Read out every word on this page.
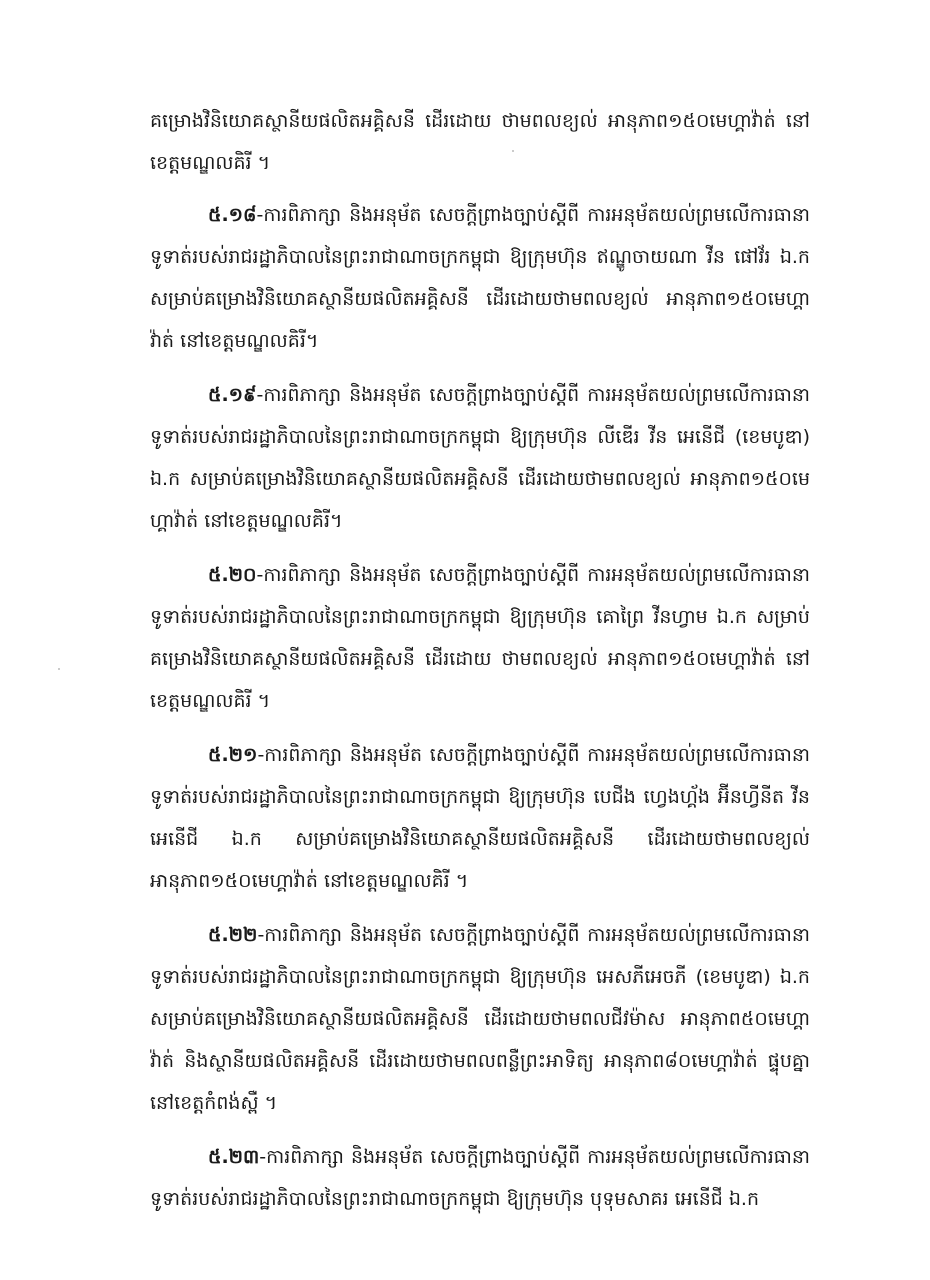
គម្រោងវិនិយោគស្ថានីយផលិតអគ្គិសនី ដើរដោយ ថាមពលខ្យល់ អានុភាព១៥០មេហ្គាវ៉ាត់ នៅខេត្តមណ្ឌលគិរី ។

៥.១៨-ការពិភាក្សា និងអនុម័ត សេចក្តីព្រាងច្បាប់ស្តីពី ការអនុម័តយល់ព្រមលើការធានាទូទាត់របស់រាជរដ្ឋាភិបាលនៃព្រះរាជាណាចក្រកម្ពុជា ឱ្យក្រុមហ៊ុន ឥណ្ឌូចាយណា វីន ផៅវ័រ ឯ.ក សម្រាប់គម្រោងវិនិយោគស្ថានីយផលិតអគ្គិសនី ដើរដោយថាមពលខ្យល់ អានុភាព១៥០មេហ្គាវ៉ាត់ នៅខេត្តមណ្ឌលគិរី។

៥.១៩-ការពិភាក្សា និងអនុម័ត សេចក្តីព្រាងច្បាប់ស្តីពី ការអនុម័តយល់ព្រមលើការធានាទូទាត់របស់រាជរដ្ឋាភិបាលនៃព្រះរាជាណាចក្រកម្ពុជា ឱ្យក្រុមហ៊ុន លីឌើរ វីន អេនើជី (ខេមបូឌា) ឯ.ក សម្រាប់គម្រោងវិនិយោគស្ថានីយផលិតអគ្គិសនី ដើរដោយថាមពលខ្យល់ អានុភាព១៥០មេហ្គាវ៉ាត់ នៅខេត្តមណ្ឌលគិរី។

៥.២០-ការពិភាក្សា និងអនុម័ត សេចក្តីព្រាងច្បាប់ស្តីពី ការអនុម័តយល់ព្រមលើការធានាទូទាត់របស់រាជរដ្ឋាភិបាលនៃព្រះរាជាណាចក្រកម្ពុជា ឱ្យក្រុមហ៊ុន គោព្រៃ វីនហ្វាម ឯ.ក សម្រាប់គម្រោងវិនិយោគស្ថានីយផលិតអគ្គិសនី ដើរដោយ ថាមពលខ្យល់ អានុភាព១៥០មេហ្គាវ៉ាត់ នៅខេត្តមណ្ឌលគិរី ។

៥.២១-ការពិភាក្សា និងអនុម័ត សេចក្តីព្រាងច្បាប់ស្តីពី ការអនុម័តយល់ព្រមលើការធានាទូទាត់របស់រាជរដ្ឋាភិបាលនៃព្រះរាជាណាចក្រកម្ពុជា ឱ្យក្រុមហ៊ុន បេជីង ហ្វេងហ្គ័ង អ៊ីនហ្វីនីត វីន អេនើជី ឯ.ក សម្រាប់គម្រោងវិនិយោគស្ថានីយផលិតអគ្គិសនី ដើរដោយថាមពលខ្យល់ អានុភាព១៥០មេហ្គាវ៉ាត់ នៅខេត្តមណ្ឌលគិរី ។

៥.២២-ការពិភាក្សា និងអនុម័ត សេចក្តីព្រាងច្បាប់ស្តីពី ការអនុម័តយល់ព្រមលើការធានាទូទាត់របស់រាជរដ្ឋាភិបាលនៃព្រះរាជាណាចក្រកម្ពុជា ឱ្យក្រុមហ៊ុន អេសភីអេចភី (ខេមបូឌា) ឯ.ក សម្រាប់គម្រោងវិនិយោគស្ថានីយផលិតអគ្គិសនី ដើរដោយថាមពលជីវម៉ាស អានុភាព៥០មេហ្គាវ៉ាត់ និងស្ថានីយផលិតអគ្គិសនី ដើរដោយថាមពលពន្លឺព្រះអាទិត្យ អានុភាព៨០មេហ្គាវ៉ាត់ ផ្ទុបគ្នា នៅខេត្តកំពង់ស្ពឺ ។

៥.២៣-ការពិភាក្សា និងអនុម័ត សេចក្តីព្រាងច្បាប់ស្តីពី ការអនុម័តយល់ព្រមលើការធានាទូទាត់របស់រាជរដ្ឋាភិបាលនៃព្រះរាជាណាចក្រកម្ពុជា ឱ្យក្រុមហ៊ុន បុទុមសាគរ អេនើជី ឯ.ក
